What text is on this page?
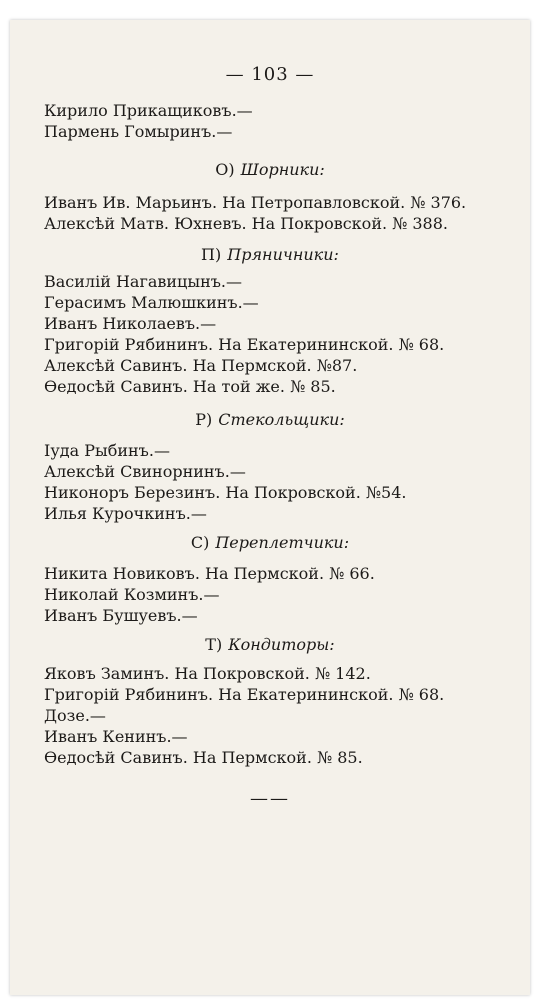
— 103 —
Кирило Прикащиковъ.—
Пармень Гомыринъ.—
О) Шорники:
Иванъ Ив. Марьинъ. На Петропавловской. № 376.
Алексѣй Матв. Юхневъ. На Покровской. № 388.
П) Пряничники:
Василій Нагавицынъ.—
Герасимъ Малюшкинъ.—
Иванъ Николаевъ.—
Григорій Рябининъ. На Екатерининской. № 68.
Алексѣй Савинъ. На Пермской. №87.
Өедосѣй Савинъ. На той же. № 85.
Р) Стекольщики:
Іуда Рыбинъ.—
Алексѣй Свинорнинъ.—
Никоноръ Березинъ. На Покровской. №54.
Илья Курочкинъ.—
С) Переплетчики:
Никита Новиковъ. На Пермской. № 66.
Николай Козминъ.—
Иванъ Бушуевъ.—
Т) Кондиторы:
Яковъ Заминъ. На Покровской. № 142.
Григорій Рябининъ. На Екатерининской. № 68.
Дозе.—
Иванъ Кенинъ.—
Өедосѣй Савинъ. На Пермской. № 85.
——
